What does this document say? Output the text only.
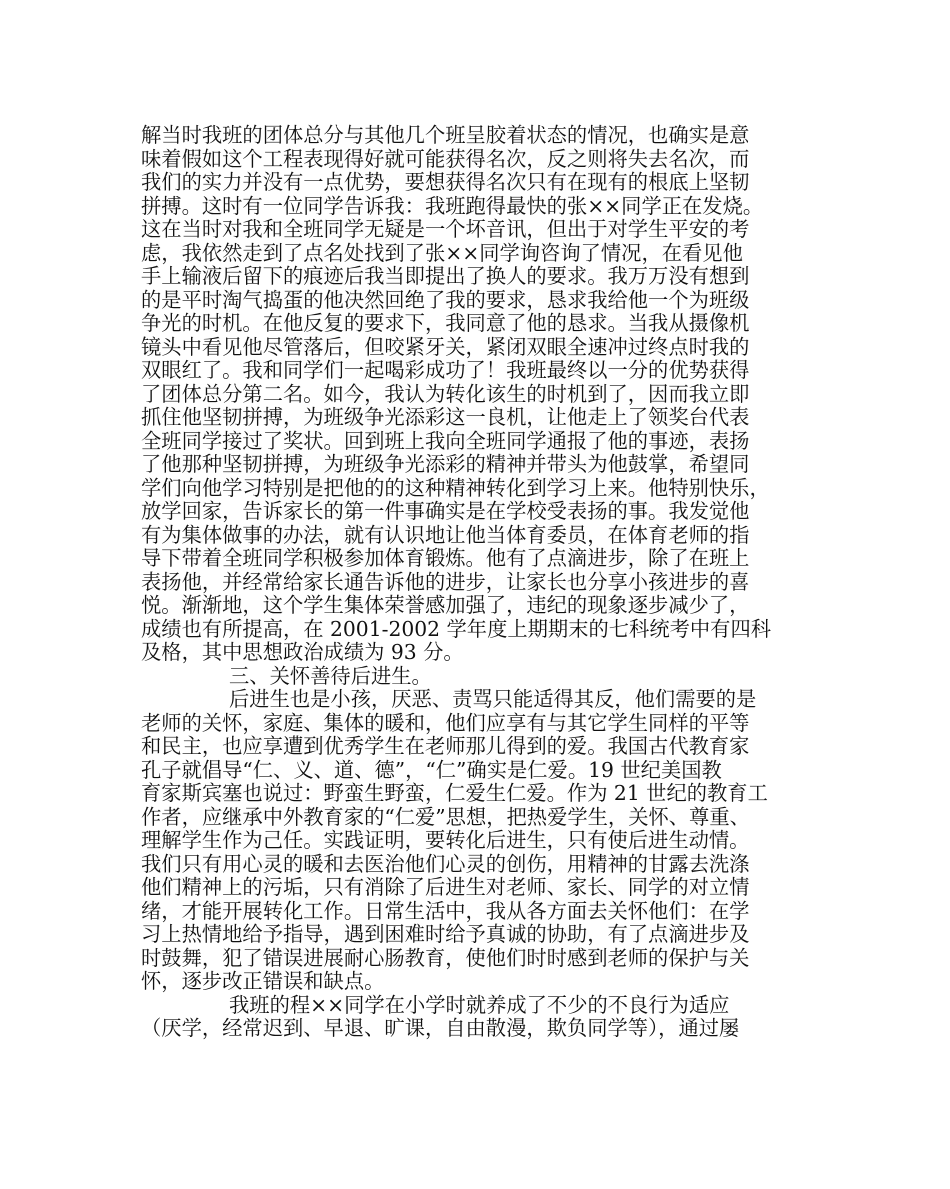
解当时我班的团体总分与其他几个班呈胶着状态的情况，也确实是意
味着假如这个工程表现得好就可能获得名次，反之则将失去名次，而
我们的实力并没有一点优势，要想获得名次只有在现有的根底上坚韧
拼搏。这时有一位同学告诉我：我班跑得最快的张××同学正在发烧。
这在当时对我和全班同学无疑是一个坏音讯，但出于对学生平安的考
虑，我依然走到了点名处找到了张××同学询咨询了情况，在看见他
手上输液后留下的痕迹后我当即提出了换人的要求。我万万没有想到
的是平时淘气捣蛋的他决然回绝了我的要求，恳求我给他一个为班级
争光的时机。在他反复的要求下，我同意了他的恳求。当我从摄像机
镜头中看见他尽管落后，但咬紧牙关，紧闭双眼全速冲过终点时我的
双眼红了。我和同学们一起喝彩成功了！我班最终以一分的优势获得
了团体总分第二名。如今，我认为转化该生的时机到了，因而我立即
抓住他坚韧拼搏，为班级争光添彩这一良机，让他走上了领奖台代表
全班同学接过了奖状。回到班上我向全班同学通报了他的事迹，表扬
了他那种坚韧拼搏，为班级争光添彩的精神并带头为他鼓掌，希望同
学们向他学习特别是把他的的这种精神转化到学习上来。他特别快乐，
放学回家，告诉家长的第一件事确实是在学校受表扬的事。我发觉他
有为集体做事的办法，就有认识地让他当体育委员，在体育老师的指
导下带着全班同学积极参加体育锻炼。他有了点滴进步，除了在班上
表扬他，并经常给家长通告诉他的进步，让家长也分享小孩进步的喜
悦。渐渐地，这个学生集体荣誉感加强了，违纪的现象逐步减少了，
成绩也有所提高，在 2001-2002 学年度上期期末的七科统考中有四科
及格，其中思想政治成绩为 93 分。
三、关怀善待后进生。
后进生也是小孩，厌恶、责骂只能适得其反，他们需要的是
老师的关怀，家庭、集体的暖和，他们应享有与其它学生同样的平等
和民主，也应享遭到优秀学生在老师那儿得到的爱。我国古代教育家
孔子就倡导“仁、义、道、德”，“仁”确实是仁爱。19 世纪美国教
育家斯宾塞也说过：野蛮生野蛮，仁爱生仁爱。作为 21 世纪的教育工
作者，应继承中外教育家的“仁爱”思想，把热爱学生，关怀、尊重、
理解学生作为己任。实践证明，要转化后进生，只有使后进生动情。
我们只有用心灵的暖和去医治他们心灵的创伤，用精神的甘露去洗涤
他们精神上的污垢，只有消除了后进生对老师、家长、同学的对立情
绪，才能开展转化工作。日常生活中，我从各方面去关怀他们：在学
习上热情地给予指导，遇到困难时给予真诚的协助，有了点滴进步及
时鼓舞，犯了错误进展耐心肠教育，使他们时时感到老师的保护与关
怀，逐步改正错误和缺点。
我班的程××同学在小学时就养成了不少的不良行为适应
（厌学，经常迟到、早退、旷课，自由散漫，欺负同学等），通过屡
